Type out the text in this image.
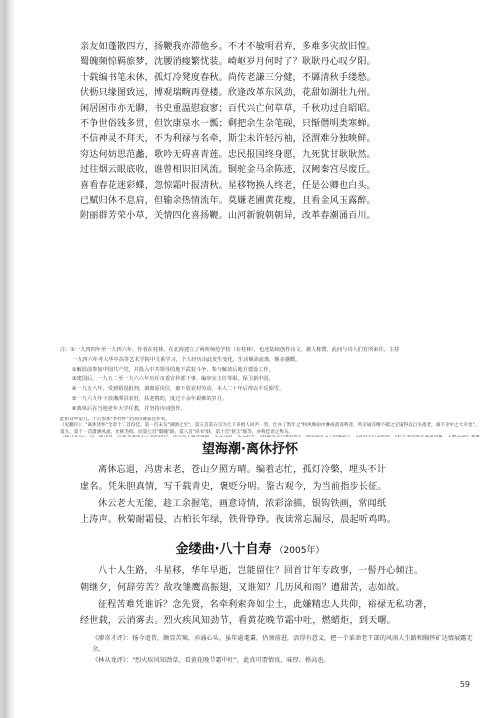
亲友如蓬散四方，扬鞭我亦滞他乡。不才不敏明君弃，多难多灾故旧惶。
蜀魄频惊羁旅梦，沈腰消瘦繁忧装。崎岖岁月何时了？耿耿丹心叹夕阳。
十载编书笔未休，孤灯冷凳度春秋。尚传老謙三分健，不羼清秋手缕愁。
伏枥只缘图致远，博观瑞畹再登楼。欣逢改革东风劲，花甜如湖壮九州。
闲居困市亦无聊，书史重温慰寂寥；百代兴亡何草草，千秋功过自昭昭。
不争世俗钱多贯，但饮康泉水一瓢；剩把余生杂笔砚，只惭僭明类寒蝉。
不信神灵不拜天，不为利禄与名牵，斯尘未许轻污袖，泾渭难分独映鲜。
穷达何妨思范蠡，歌吟无碍喜青莲。忠民报国终身愿，九死犹甘耿耿然。
过往烟云眼底收，谁曾相识旧风流。铜驼金马余陈迹，汉阙秦宫尽废丘。
喜看春花迷彩蝶，忽惊霜叶报清秋。星移物换人终老，任是公卿也白头。
已赋归休不息肩，但输余热情流年。莫嫌老圃黄花瘦，且看金风玉露醉。
附丽群芳荣小草，关情四化喜扬鞭。山河新貌朝朝异，改革春潮涌百川。
注：①一九四四年至一九四六年，作者在桂林、在北海建立了两所师范学校（在桂林），也还陆续创作诗文，被人称赞。此间与诗人们有所来往，主持
一九四六年考入华中高等艺术学院中文系学习，个人经历由此发生变化，生活颠沛流离，颇多感慨。
②解放前参加中国共产党，并投入中共领导的地下武装斗争，参与解放后地方建设工作。
③建国后，一九五二至一九六六年历任市委宣传部干事、编审室主任等职，保卫新中国。
④一九五八年，受到错误批判，调离原岗位，被下放农村劳动。本人二十年后得以平反昭雪。
⑤一九六九年下放湘潭县农村，扶老携幼，度过十余年艰难的岁月。
⑥离休后在当地老年大学任教，并坚持诗词创作。
望海潮·离休抒怀
离休忘退，冯唐未老，苍山夕照方晴。编着志忙，孤灯冷檠，埋头不计
虚名。凭朱胆真情，写千载青史，褒贬分明。鉴古观今，为当前指步长征。
休云老大无能，趁工余握笔，画意诗情，浓彩涂描，银钩铁画，常闻纸
上涛声。秋菊耐霜侵，古柏长年绿，铁骨铮铮。夜读常忘漏尽，晨起听鸡鸣。
金缕曲·八十自寿 （2005年）
八十人生路，斗星移，华年早逝，岂能留住？回首廿年专政事，一髻丹心倾注。
朝继夕，何辞劳苦？敌攻雏鹰高振翅，又谁知？几历风和雨？遭甜苦，志如故。
征程苦难凭谁诉？念先贤，名牵利索奔如尘土，此嫌精忠人共仰，裕禄无私功著，
经世载，云消雾去。烈火疾风知劲节，看黄花晚节霜中吐，燃蜡炬，到天曙。
《廖奇才评》：扬今追昔，颇显苦辣，亦涌心头。虽年逾耄耋，仍须前进，活得有意义，把一个革命老干部的风雨人生路和胸怀矿达情展露无余。
《林从龙评》："烈火疾风知劲草，看黄花晚节霜中吐"，此真可谓情真、味厚、格高也。
59
此组诗中第九、十首参加"李杜杯"全国诗赛获佳作奖。
《史鹏评》："离休述怀"全章十二首均佳。第一首末句"满洒之至"，第五首第五句为天下多情人同声一哭。仕亦了然年之"和风细雨中淋成落谣鸣者，所亲诵有精不破之宝镜得以自头指老，诚不幸中之大幸也"。第九、第十一首潇洒风流，允称杰构。而第七首"蜀魄"联，第八首"尚书"联，第十首"铭尘"联等，亦称佳语之隽句。
